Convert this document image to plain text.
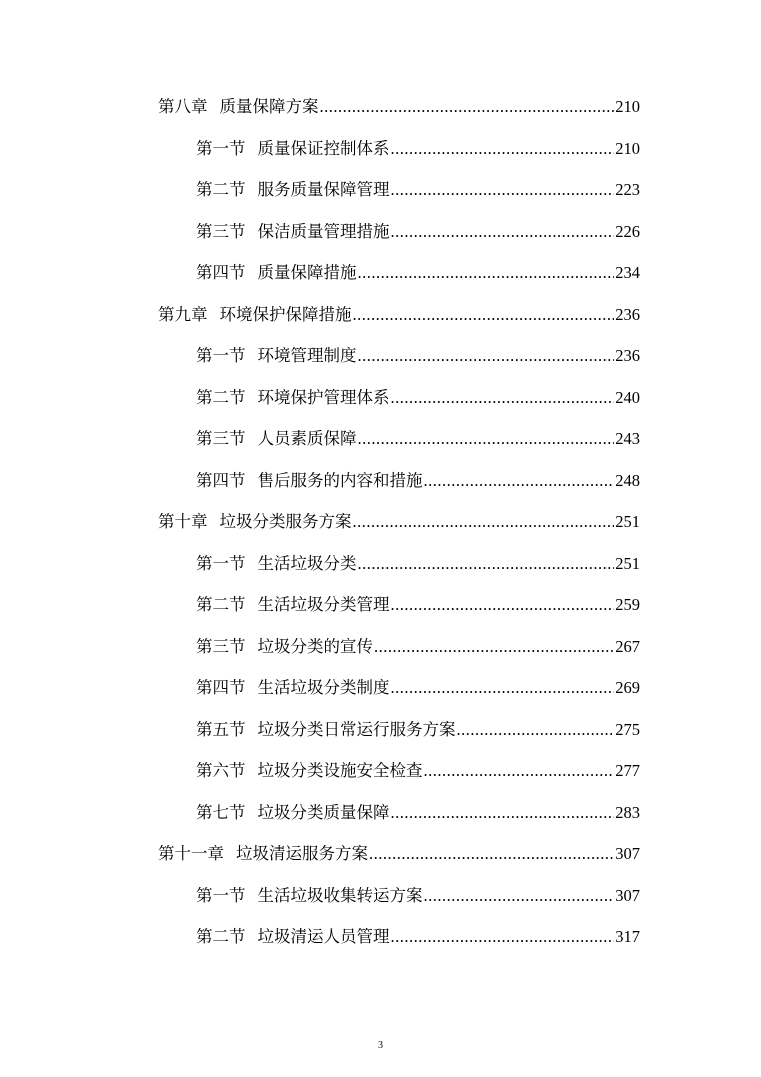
第八章 质量保障方案 .....	210
第一节 质量保证控制体系 .....	210
第二节 服务质量保障管理 .....	223
第三节 保洁质量管理措施 .....	226
第四节 质量保障措施 .....	234
第九章 环境保护保障措施 .....	236
第一节 环境管理制度 .....	236
第二节 环境保护管理体系 .....	240
第三节 人员素质保障 .....	243
第四节 售后服务的内容和措施 .....	248
第十章 垃圾分类服务方案 .....	251
第一节 生活垃圾分类 .....	251
第二节 生活垃圾分类管理 .....	259
第三节 垃圾分类的宣传 .....	267
第四节 生活垃圾分类制度 .....	269
第五节 垃圾分类日常运行服务方案 .....	275
第六节 垃圾分类设施安全检查 .....	277
第七节 垃圾分类质量保障 .....	283
第十一章 垃圾清运服务方案 .....	307
第一节 生活垃圾收集转运方案 .....	307
第二节 垃圾清运人员管理 .....	317
3
